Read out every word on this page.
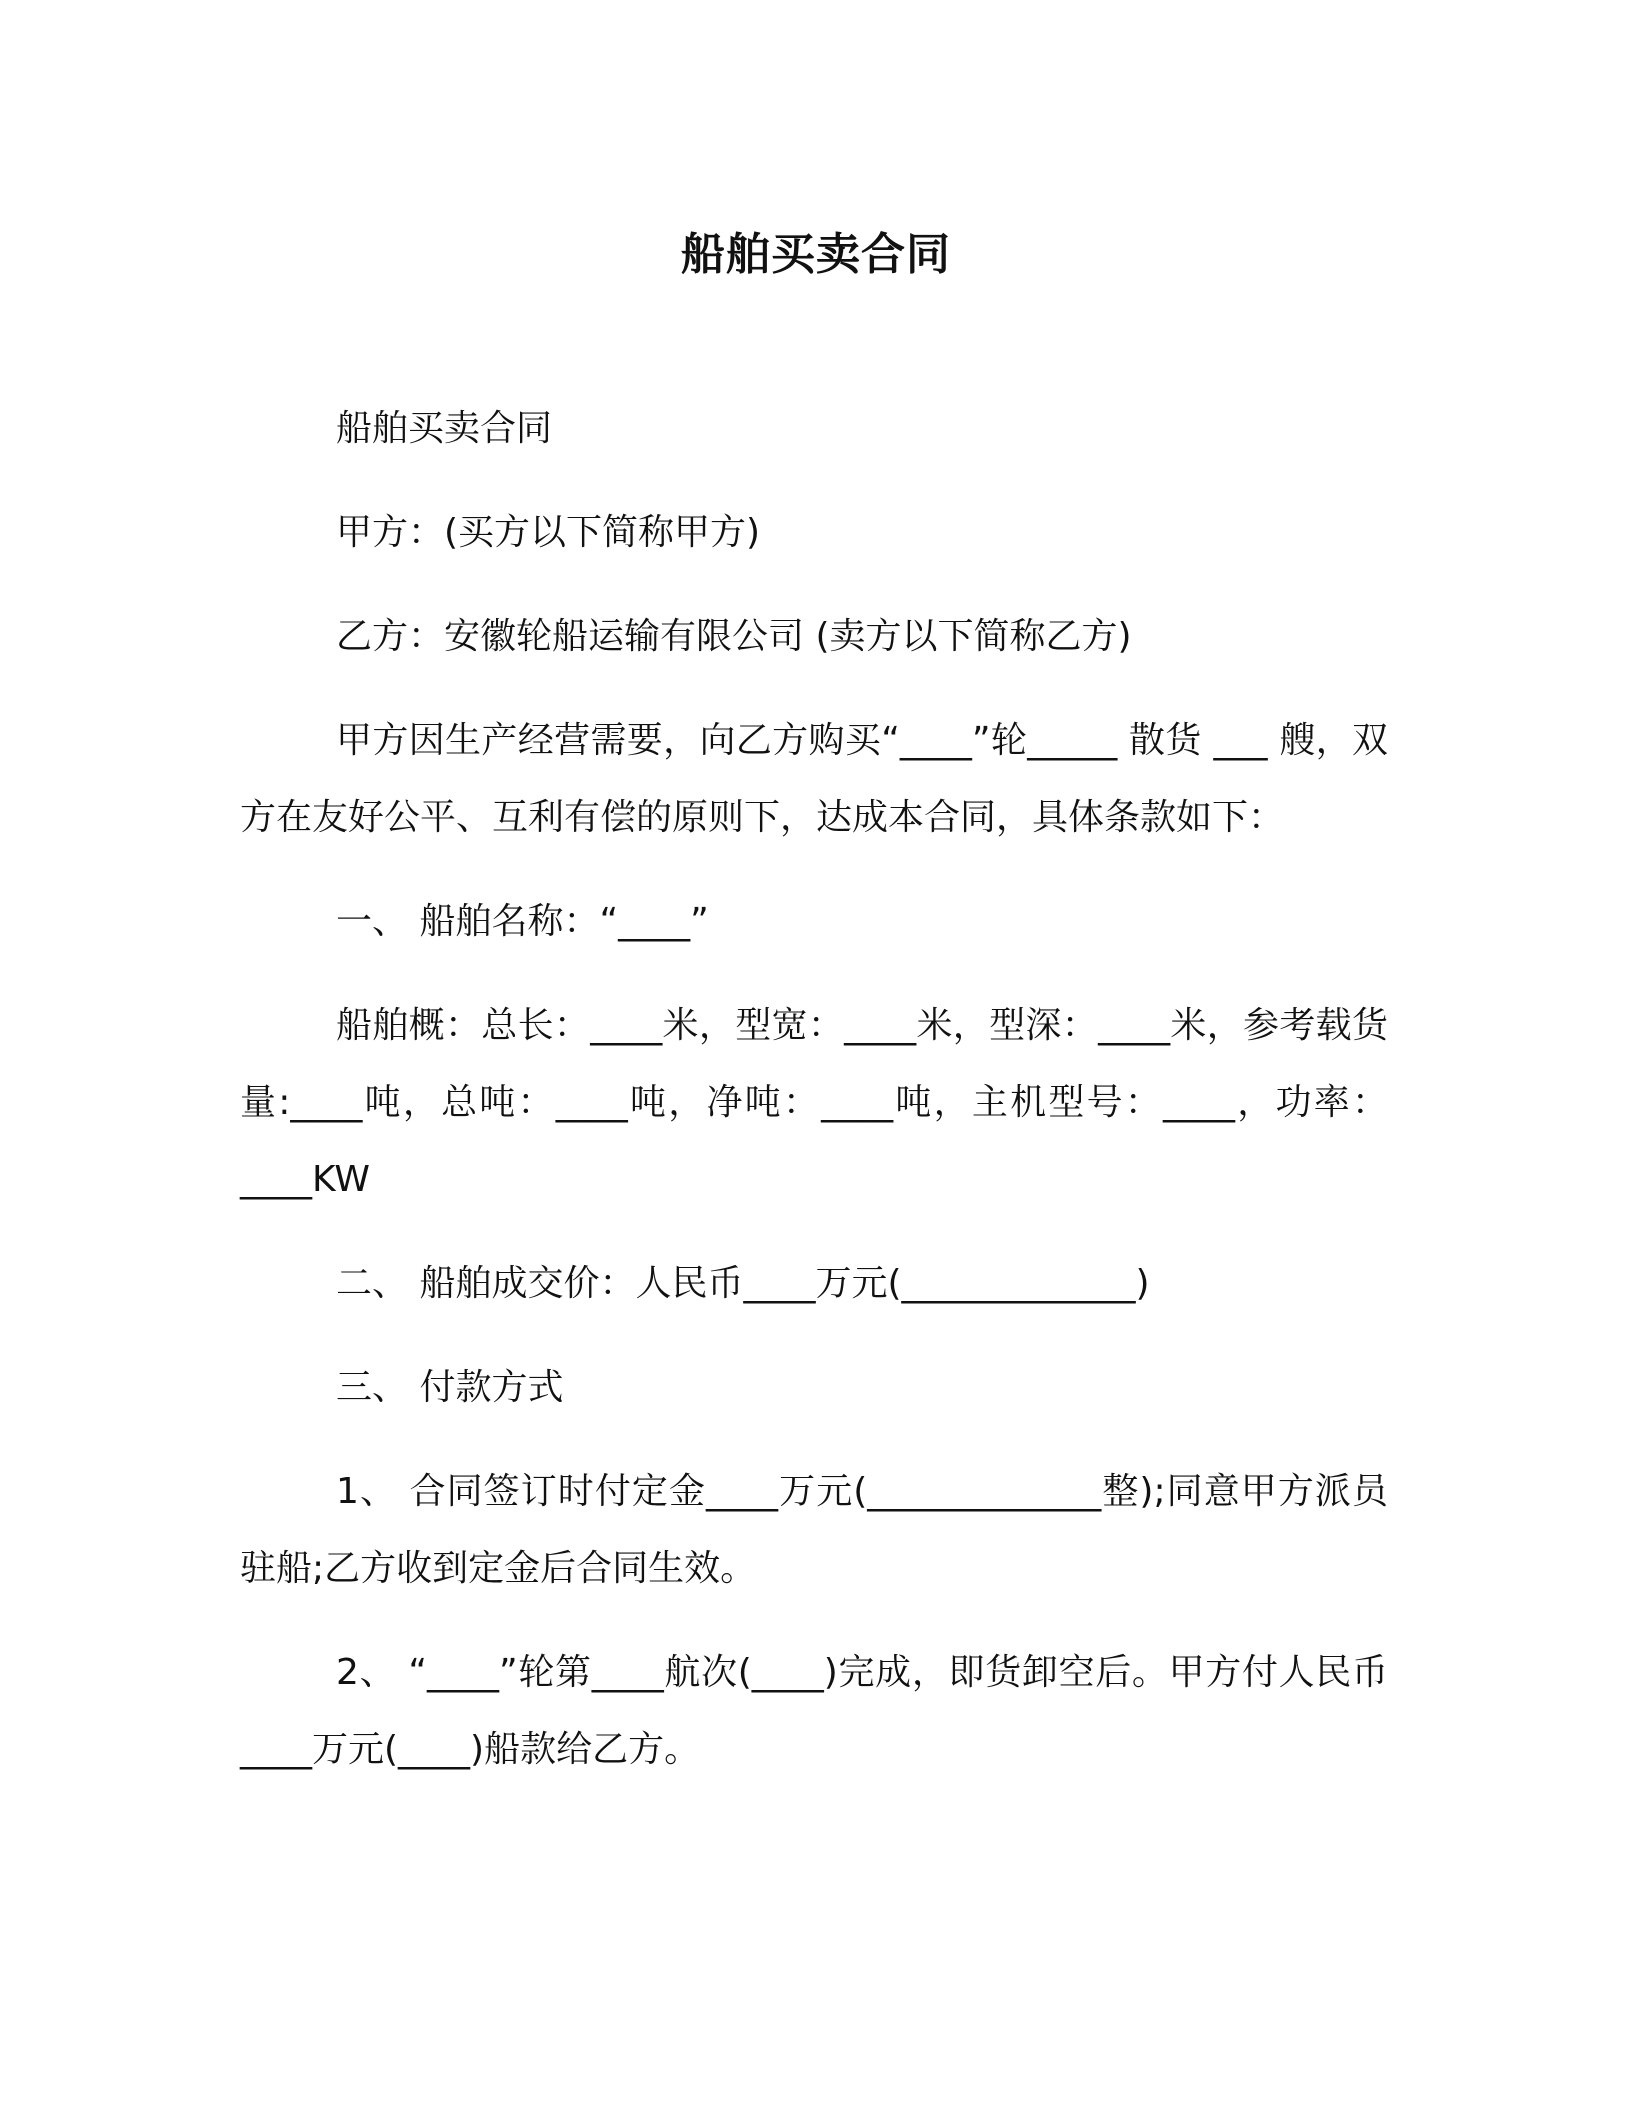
船舶买卖合同

船舶买卖合同

甲方：(买方以下简称甲方)

乙方：安徽轮船运输有限公司 (卖方以下简称乙方)

甲方因生产经营需要，向乙方购买“____”轮_____ 散货 ___ 艘，双方在友好公平、互利有偿的原则下，达成本合同，具体条款如下：

一、 船舶名称：“____”

船舶概：总长：____米，型宽：____米，型深：____米，参考载货量:____吨，总吨：____吨，净吨：____吨，主机型号：____，功率：____KW

二、 船舶成交价：人民币____万元(_____________)

三、 付款方式

1、 合同签订时付定金____万元(_____________整);同意甲方派员驻船;乙方收到定金后合同生效。

2、 “____”轮第____航次(____)完成，即货卸空后。甲方付人民币____万元(____)船款给乙方。
